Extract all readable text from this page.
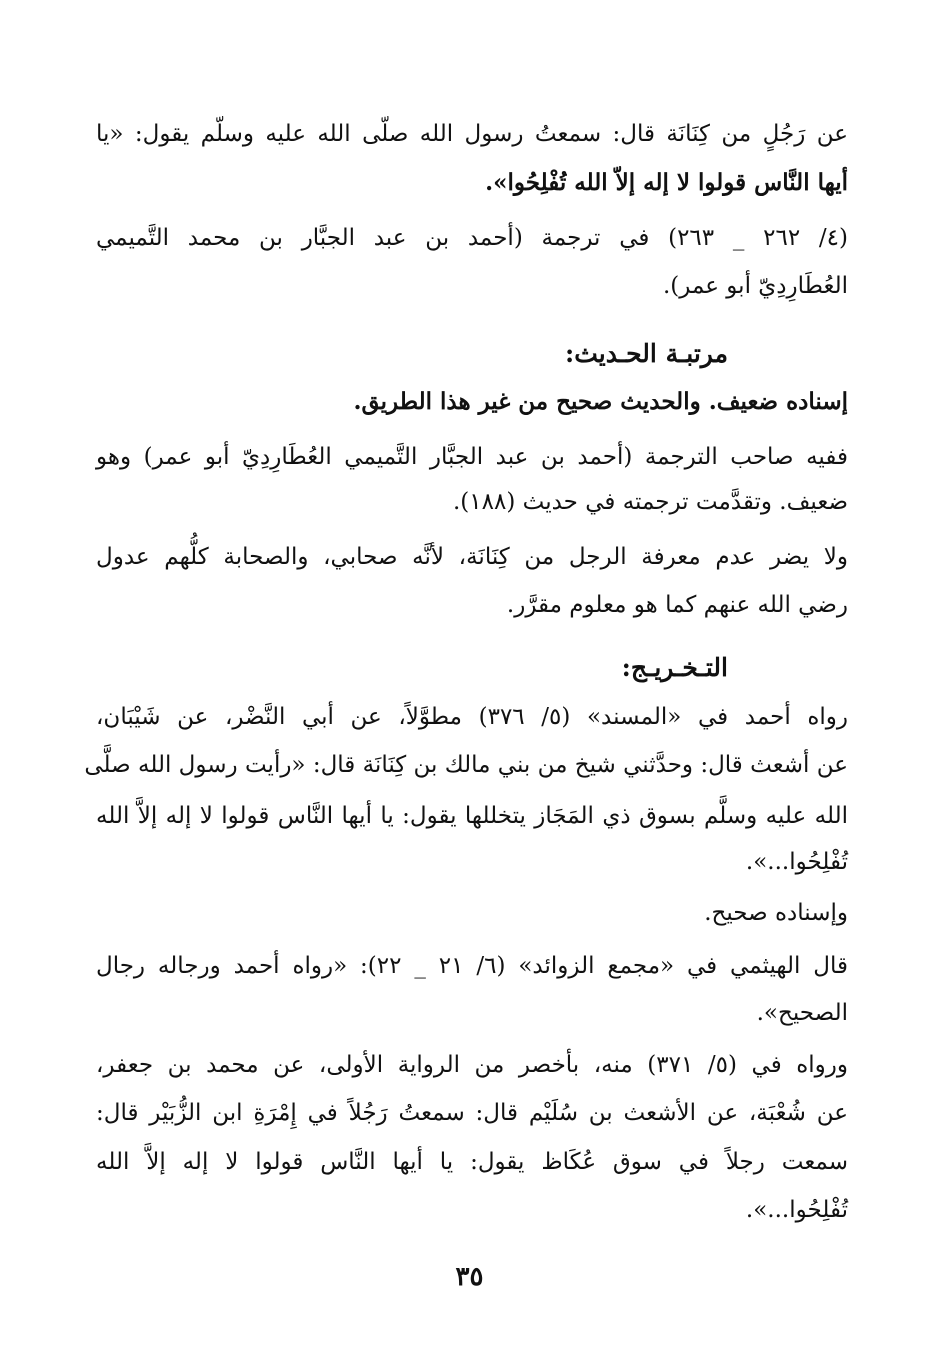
عن رَجُلٍ من كِنَانَة قال: سمعتُ رسول الله صلّى الله عليه وسلّم يقول: «يا
أيها النَّاس قولوا لا إله إلاّ الله تُفْلِحُوا».
(٤/ ٢٦٢ _ ٢٦٣) في ترجمة (أحمد بن عبد الجبَّار بن محمد التَّميمي
العُطَارِدِيّ أبو عمر).
مرتبـة الحـديث:
إسناده ضعيف. والحديث صحيح من غير هذا الطريق.
ففيه صاحب الترجمة (أحمد بن عبد الجبَّار التَّميمي العُطَارِدِيّ أبو عمر) وهو
ضعيف. وتقدَّمت ترجمته في حديث (١٨٨).
ولا يضر عدم معرفة الرجل من كِنَانَة، لأنَّه صحابي، والصحابة كلُّهم عدول
رضي الله عنهم كما هو معلوم مقرَّر.
التـخـريـج:
رواه أحمد في «المسند» (٥/ ٣٧٦) مطوَّلاً، عن أبي النَّضْر، عن شَيْبَان،
عن أشعث قال: وحدَّثني شيخ من بني مالك بن كِنَانَة قال: «رأيت رسول الله صلَّى
الله عليه وسلَّم بسوق ذي المَجَاز يتخللها يقول: يا أيها النَّاس قولوا لا إله إلاَّ الله
تُفْلِحُوا...».
وإسناده صحيح.
قال الهيثمي في «مجمع الزوائد» (٦/ ٢١ _ ٢٢): «رواه أحمد ورجاله رجال
الصحيح».
ورواه في (٥/ ٣٧١) منه، بأخصر من الرواية الأولى، عن محمد بن جعفر،
عن شُعْبَة، عن الأشعث بن سُلَيْم قال: سمعتُ رَجُلاً في إِمْرَةِ ابن الزُّبَيْر قال:
سمعت رجلاً في سوق عُكَاظ يقول: يا أيها النَّاس قولوا لا إله إلاَّ الله
تُفْلِحُوا...».
٣٥
